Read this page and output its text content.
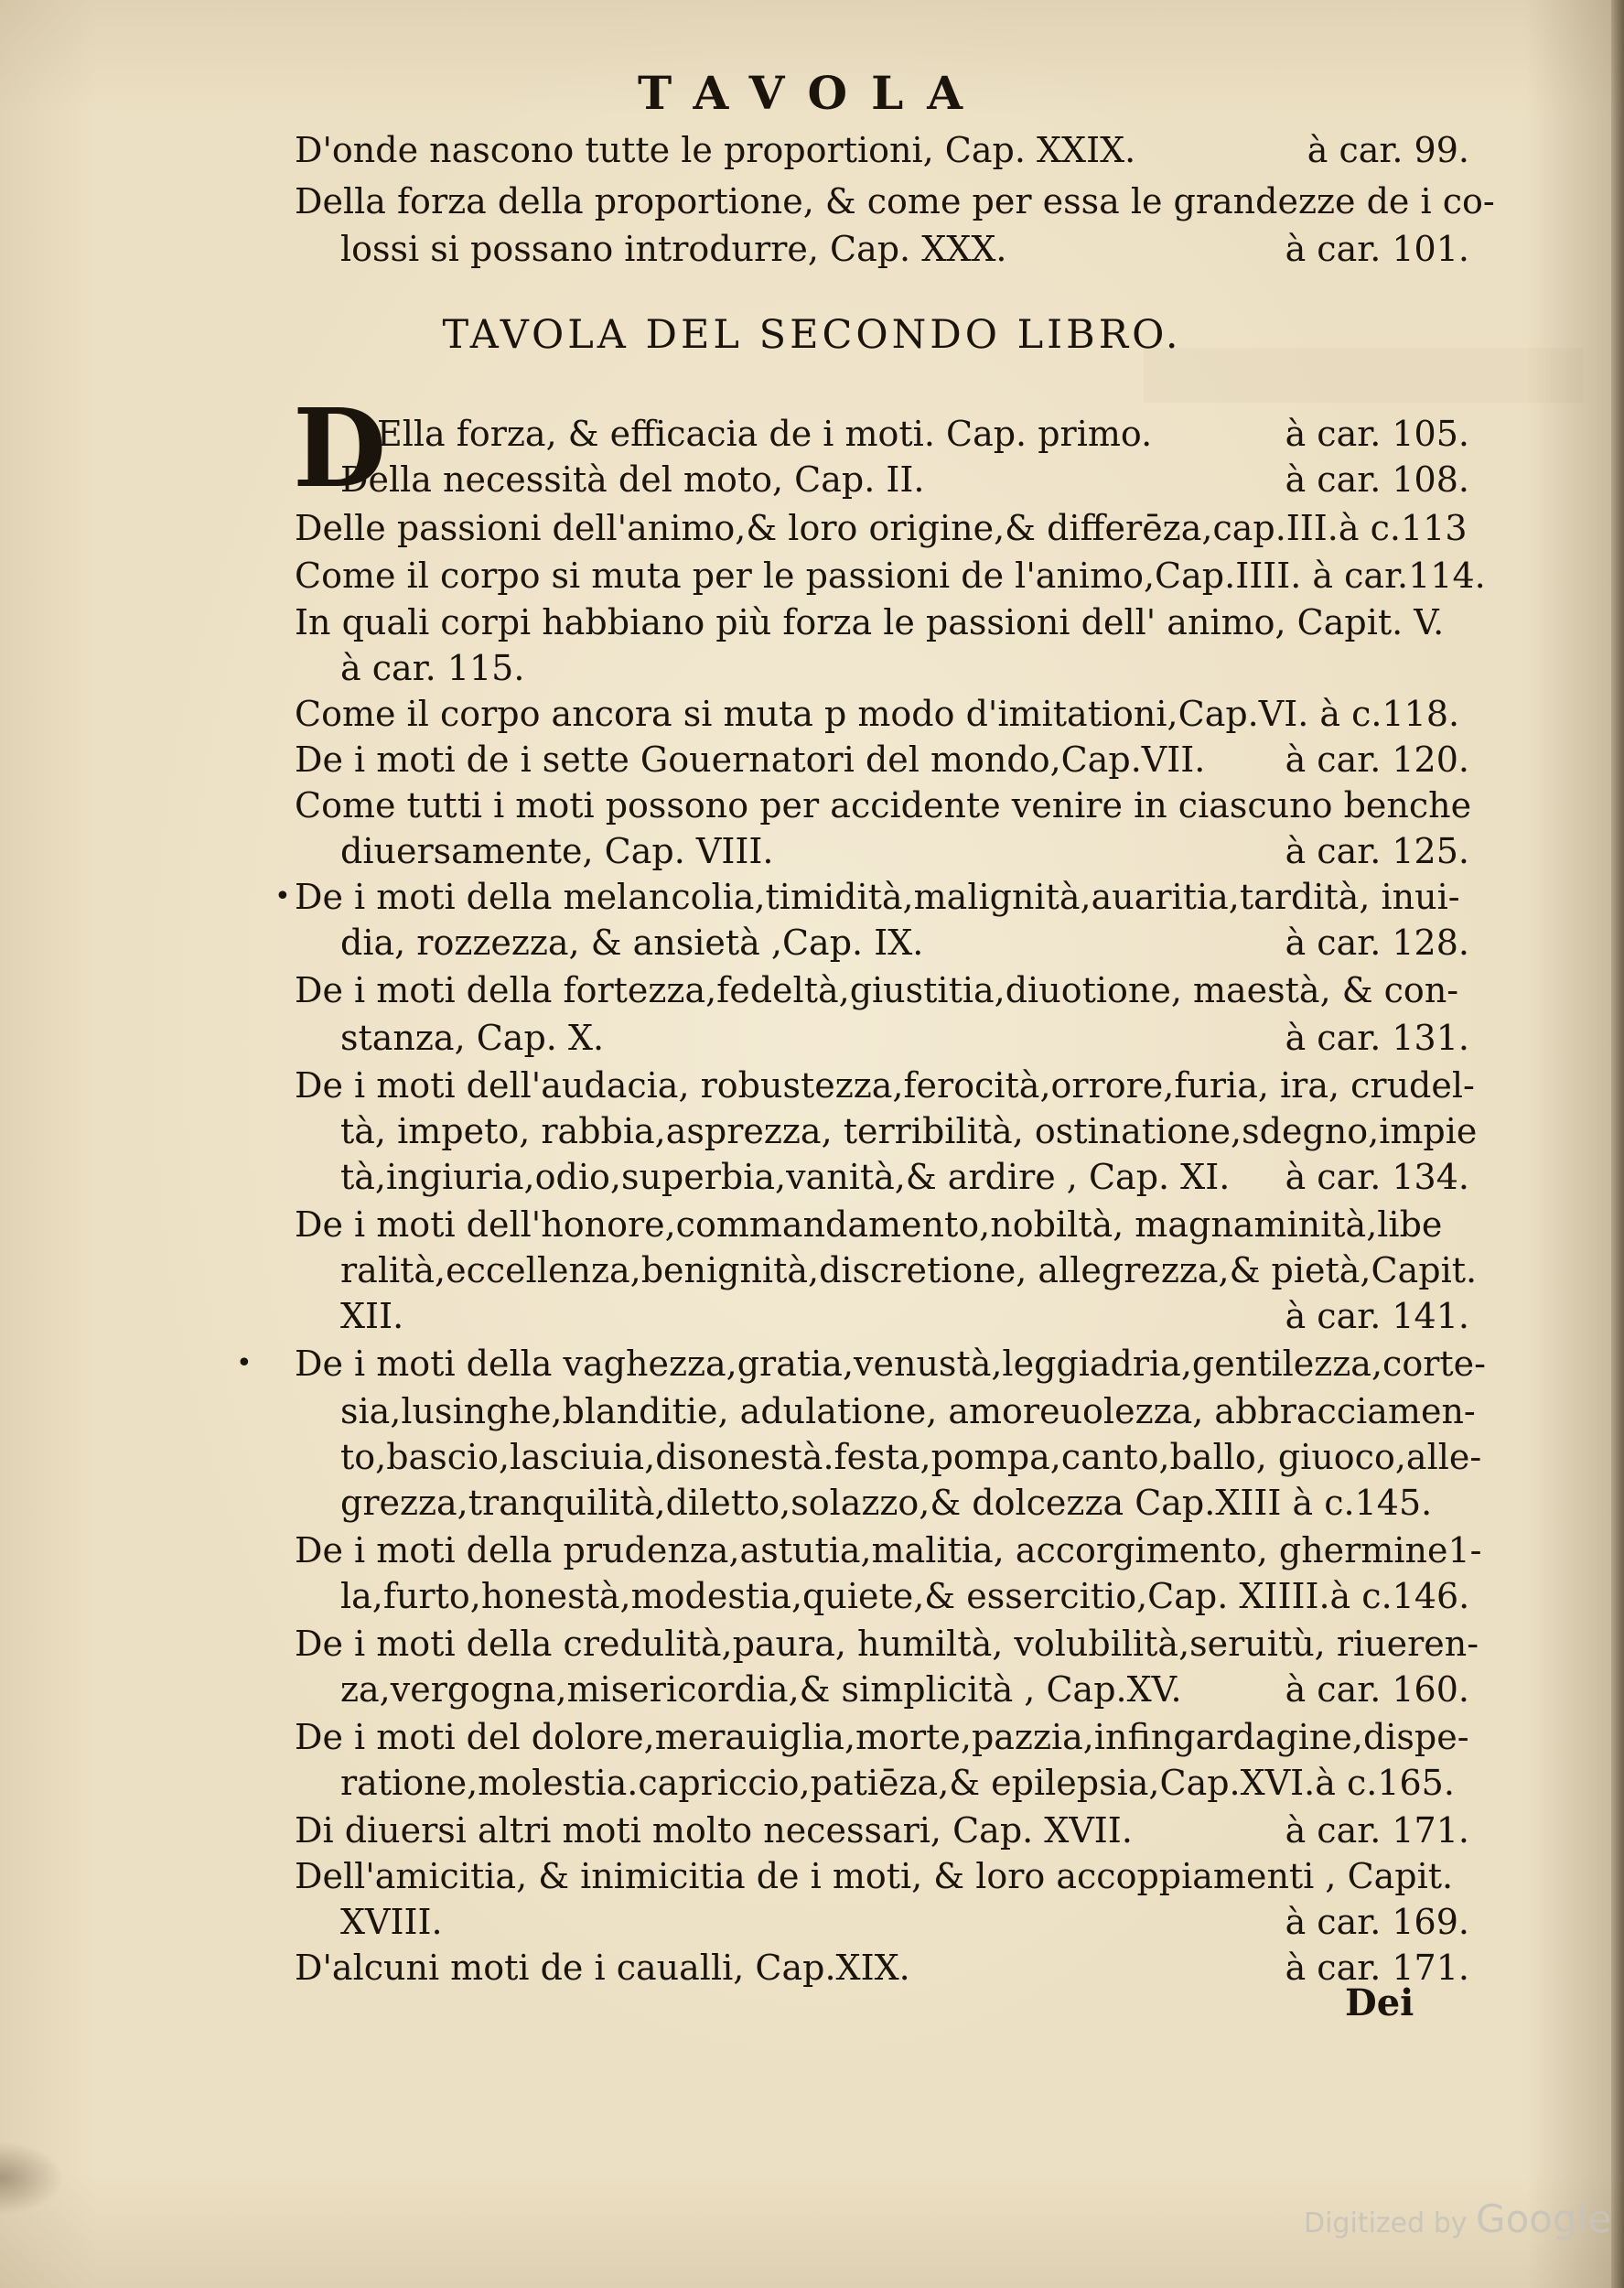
TAVOLA
D'onde nascono tutte le proportioni, Cap. XXIX.	à car. 99.
Della forza della proportione, & come per essa le grandezze de i co-
lossi si possano introdurre, Cap. XXX.	à car. 101.
TAVOLA DEL SECONDO LIBRO.
D
Ella forza, & efficacia de i moti. Cap. primo.	à car. 105.
Della necessità del moto, Cap. II.	à car. 108.
Delle passioni dell'animo,& loro origine,& differēza,cap.III.à c.113
Come il corpo si muta per le passioni de l'animo,Cap.IIII. à car.114.
In quali corpi habbiano più forza le passioni dell' animo, Capit. V.
à car. 115.
Come il corpo ancora si muta p modo d'imitationi,Cap.VI. à c.118.
De i moti de i sette Gouernatori del mondo,Cap.VII. à car. 120.
Come tutti i moti possono per accidente venire in ciascuno benche
diuersamente, Cap. VIII.	à car. 125.
• De i moti della melancolia,timidità,malignità,auaritia,tardità, inui-
dia, rozzezza, & ansietà ,Cap. IX.	à car. 128.
De i moti della fortezza,fedeltà,giustitia,diuotione, maestà, & con-
stanza, Cap. X.	à car. 131.
De i moti dell'audacia, robustezza,ferocità,orrore,furia, ira, crudel-
tà, impeto, rabbia,asprezza, terribilità, ostinatione,sdegno,impie
tà,ingiuria,odio,superbia,vanità,& ardire , Cap. XI. à car. 134.
De i moti dell'honore,commandamento,nobiltà, magnaminità,libe
ralità,eccellenza,benignità,discretione, allegrezza,& pietà,Capit.
XII.	à car. 141.
• De i moti della vaghezza,gratia,venustà,leggiadria,gentilezza,corte-
sia,lusinghe,blanditie, adulatione, amoreuolezza, abbracciamen-
to,bascio,lasciuia,disonestà.festa,pompa,canto,ballo, giuoco,alle-
grezza,tranquilità,diletto,solazzo,& dolcezza Cap.XIII à c.145.
De i moti della prudenza,astutia,malitia, accorgimento, ghermine1-
la,furto,honestà,modestia,quiete,& essercitio,Cap. XIIII.à c.146.
De i moti della credulità,paura, humiltà, volubilità,seruitù, riueren-
za,vergogna,misericordia,& simplicità , Cap.XV.	à car. 160.
De i moti del dolore,merauiglia,morte,pazzia,infingardagine,dispe-
ratione,molestia.capriccio,patiēza,& epilepsia,Cap.XVI.à c.165.
Di diuersi altri moti molto necessari, Cap. XVII.	à car. 171.
Dell'amicitia, & inimicitia de i moti, & loro accoppiamenti , Capit.
XVIII.	à car. 169.
D'alcuni moti de i caualli, Cap.XIX.	à car. 171.
Dei
Digitized by Google
